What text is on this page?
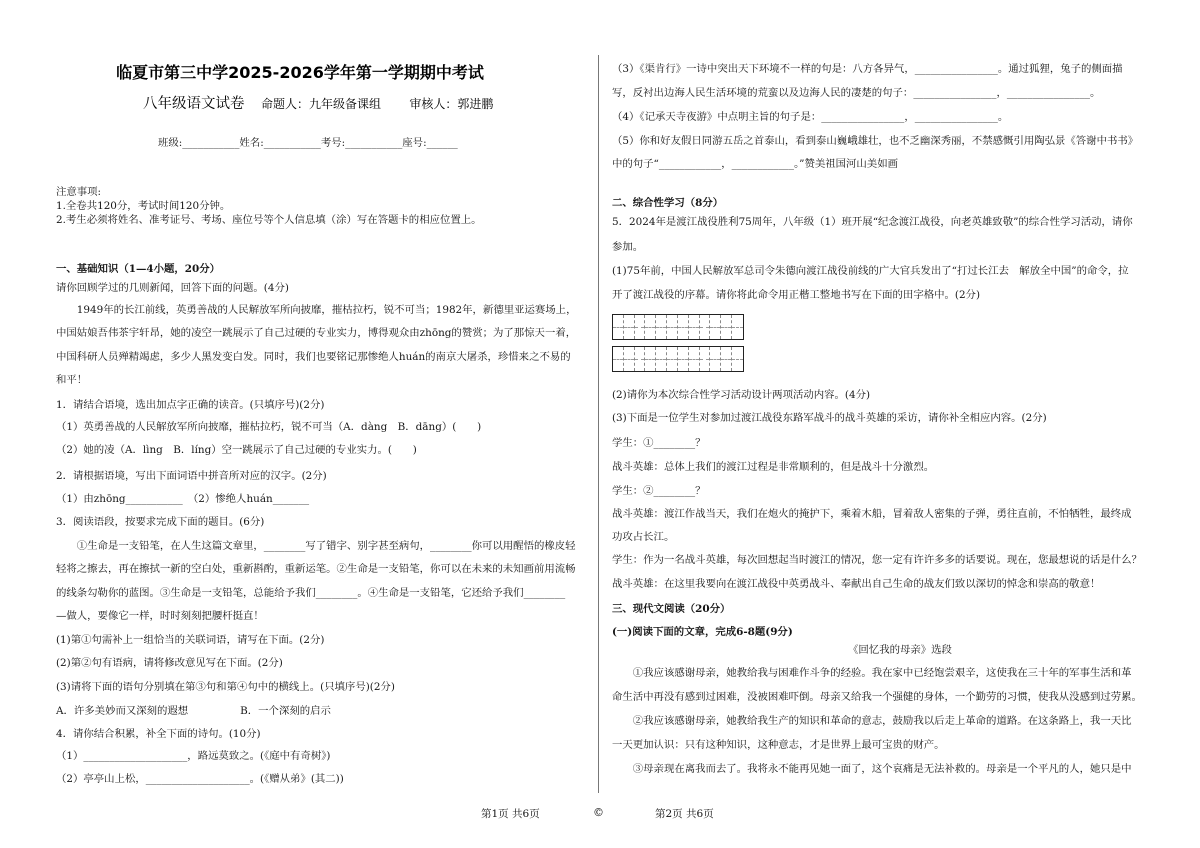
临夏市第三中学2025-2026学年第一学期期中考试
八年级语文试卷 命题人：九年级备课组 审核人：郭进鹏
班级:___________姓名:___________考号:___________座号:______
注意事项:
1.全卷共120分，考试时间120分钟。
2.考生必须将姓名、准考证号、考场、座位号等个人信息填（涂）写在答题卡的相应位置上。
一、基础知识（1—4小题，20分）
请你回顾学过的几则新闻，回答下面的问题。(4分)
　　1949年的长江前线，英勇善战的人民解放军所向披靡，摧枯拉朽，锐不可当；1982年，新德里亚运赛场上，
中国姑娘吾伟茶宇轩昂，她的凌空一跳展示了自己过硬的专业实力，博得观众由zhōng的赞赏；为了那惊天一着，
中国科研人员殚精竭虑，多少人黑发变白发。同时，我们也要铭记那惨绝人huán的南京大屠杀，珍惜来之不易的
和平！
1．请结合语境，选出加点字正确的读音。(只填序号)(2分)
（1）英勇善战的人民解放军所向披靡，摧枯拉朽，锐不可当（A．dàng　B．dāng）(　　)
（2）她的凌（A．lìng　B．líng）空一跳展示了自己过硬的专业实力。(　　)
2．请根据语境，写出下面词语中拼音所对应的汉字。(2分)
（1）由zhōng___________　（2）惨绝人huán_______
3．阅读语段，按要求完成下面的题目。(6分)
　　①生命是一支铅笔，在人生这篇文章里，________写了错字、别字甚至病句，________你可以用醒悟的橡皮轻
轻将之擦去，再在擦拭一新的空白处，重新斟酌，重新运笔。②生命是一支铅笔，你可以在未来的未知画前用流畅
的线条勾勒你的蓝图。③生命是一支铅笔，总能给予我们________。④生命是一支铅笔，它还给予我们________
—做人，要像它一样，时时刻刻把腰杆挺直！
(1)第①句需补上一组恰当的关联词语，请写在下面。(2分)
(2)第②句有语病，请将修改意见写在下面。(2分)
(3)请将下面的语句分别填在第③句和第④句中的横线上。(只填序号)(2分)
A．许多美妙而又深刻的遐想　　　　　B．一个深刻的启示
4．请你结合积累，补全下面的诗句。(10分)
（1）____________________，路远莫致之。(《庭中有奇树》)
（2）亭亭山上松，____________________。(《赠从弟》(其二))
（3）《渠肯行》一诗中突出天下环境不一样的句是：八方各异气，________________。通过狐狸，兔子的侧面描
写，反衬出边海人民生活环境的荒蛮以及边海人民的凄楚的句子：________________，________________。
（4）《记承天寺夜游》中点明主旨的句子是：________________，________________。
（5）你和好友假日同游五岳之首泰山，看到泰山巍峨雄壮，也不乏幽深秀丽，不禁感慨引用陶弘景《答谢中书书》
中的句子“____________，____________。”赞美祖国河山美如画
二、综合性学习（8分）
5．2024年是渡江战役胜利75周年，八年级（1）班开展“纪念渡江战役，向老英雄致敬”的综合性学习活动，请你
参加。
(1)75年前，中国人民解放军总司令朱德向渡江战役前线的广大官兵发出了“打过长江去　解放全中国”的命令，拉
开了渡江战役的序幕。请你将此命令用正楷工整地书写在下面的田字格中。(2分)
(2)请你为本次综合性学习活动设计两项活动内容。(4分)
(3)下面是一位学生对参加过渡江战役东路军战斗的战斗英雄的采访，请你补全相应内容。(2分)
学生：①________？
战斗英雄：总体上我们的渡江过程是非常顺利的，但是战斗十分激烈。
学生：②________？
战斗英雄：渡江作战当天，我们在炮火的掩护下，乘着木船，冒着敌人密集的子弹，勇往直前，不怕牺牲，最终成
功攻占长江。
学生：作为一名战斗英雄，每次回想起当时渡江的情况，您一定有许许多多的话要说。现在，您最想说的话是什么？
战斗英雄：在这里我要向在渡江战役中英勇战斗、奉献出自己生命的战友们致以深切的悼念和崇高的敬意！
三、现代文阅读（20分）
(一)阅读下面的文章，完成6-8题(9分)
《回忆我的母亲》选段
　　①我应该感谢母亲，她教给我与困难作斗争的经验。我在家中已经饱尝艰辛，这使我在三十年的军事生活和革
命生活中再没有感到过困难，没被困难吓倒。母亲又给我一个强健的身体，一个勤劳的习惯，使我从没感到过劳累。
　　②我应该感谢母亲，她教给我生产的知识和革命的意志，鼓励我以后走上革命的道路。在这条路上，我一天比
一天更加认识：只有这种知识，这种意志，才是世界上最可宝贵的财产。
　　③母亲现在离我而去了。我将永不能再见她一面了，这个哀痛是无法补救的。母亲是一个平凡的人，她只是中
第1页 共6页	©	第2页 共6页
